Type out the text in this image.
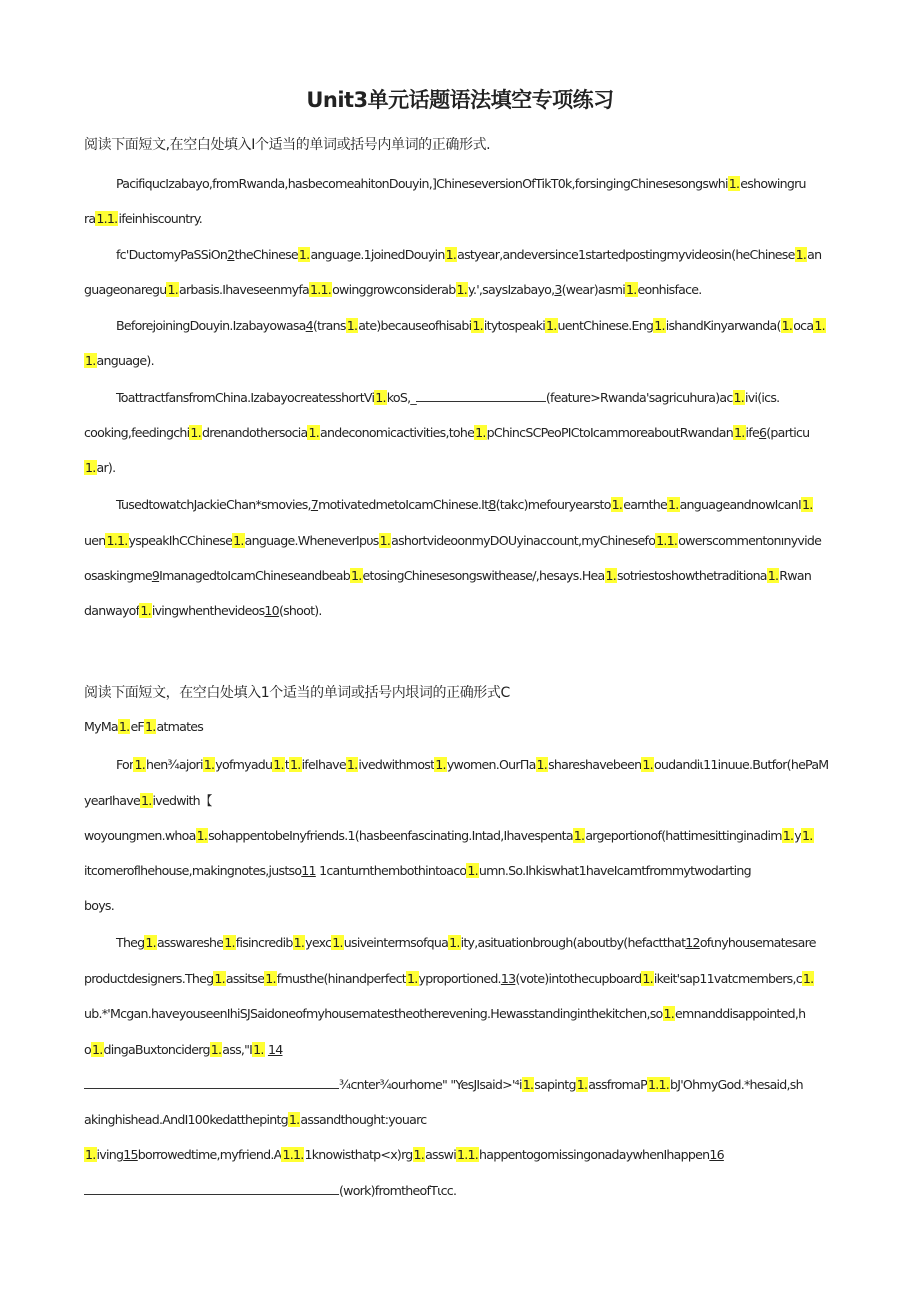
Unit3单元话题语法填空专项练习
阅读下面短文,在空白处填入I个适当的单词或括号内单词的正确形式.
PacifiqucIzabayo,fromRwanda,hasbecomeahitonDouyin,]ChineseversionOfTikT0k,forsingingChinesesongswhi1.eshowingru
ra1.1.ifeinhiscountry.
fc'DuctomyPaSSiOn2theChinese1.anguage.1joinedDouyin1.astyear,andeversince1startedpostingmyvideosin(heChinese1.an
guageonaregu1.arbasis.Ihaveseenmyfa1.1.owinggrowconsiderab1.y.',saysIzabayo,3(wear)asmi1.eonhisface.
BeforejoiningDouyin.Izabayowasa4(trans1.ate)becauseofhisabi1.itytospeaki1.uentChinese.Eng1.ishandKinyarwanda(1.oca1.
1.anguage).
ToattractfansfromChina.IzabayocreatesshortVi1.koS,_	(feature>Rwanda'sagricuhura)ac1.ivi(ics.
cooking,feedingchi1.drenandothersocia1.andeconomicactivities,tohe1.pChincSCPeoPICtoIcammoreaboutRwandan1.ife6(particu
1.ar).
TusedtowatchJackieChan*smovies,7motivatedmetoIcamChinese.It8(takc)mefouryearsto1.earnthe1.anguageandnowIcanI1.
uen1.1.yspeakIhCChinese1.anguage.WheneverIpυs1.ashortvideoonmyDOUyinaccount,myChinesefo1.1.owerscommentonınyvide
osaskingme9ImanagedtoIcamChineseandbeab1.etosingChinesesongswithease/,hesays.Hea1.sotriestoshowthetraditiona1.Rwan
danwayof1.ivingwhenthevideos10(shoot).
阅读下面短文，在空白处填入1个适当的单词或括号内垠词的正确形式C
MyMa1.eF1.atmates
For1.hen¾ajori1.yofmyadu1.t1.ifeIhave1.ivedwithmost1.ywomen.OurΠa1.shareshavebeen1.oudandiι11inuue.Butfor(hePaM
yearIhave1.ivedwith【
woyoungmen.whoa1.sohappentobeInyfriends.1(hasbeenfascinating.Intad,Ihavespenta1.argeportionof(hattimesittinginadim1.y1.
itcomeroflhehouse,makingnotes,justso11 1canturnthembothintoaco1.umn.So.Ihkiswhat1haveIcamtfrommytwodarting
boys.
Theg1.asswareshe1.fisincredib1.yexc1.usiveintermsofqua1.ity,asituationbrough(aboutby(hefactthat12ofιnyhousematesare
productdesigners.Theg1.assitse1.fmusthe(hinandperfect1.yproportioned.13(vote)intothecupboard1.ikeit'sap11vatcmembers,c1.
ub.*'Mcgan.haveyouseenIhiSJSaidoneofmyhousematestheotherevening.Hewasstandinginthekitchen,so1.emnanddisappointed,h
o1.dingaBuxtonciderg1.ass,"I1. 14
¾cnter¾ourhome" "YesJIsaid>'⁴i1.sapintg1.assfromaP1.1.bJ'OhmyGod.*hesaid,sh
akinghishead.AndI100kedatthepintg1.assandthought:youarc
1.iving15borrowedtime,myfriend.A1.1.1knowisthatp<x)rg1.asswi1.1.happentogomissingonadaywhenIhappen16
(work)fromtheofTιcc.
